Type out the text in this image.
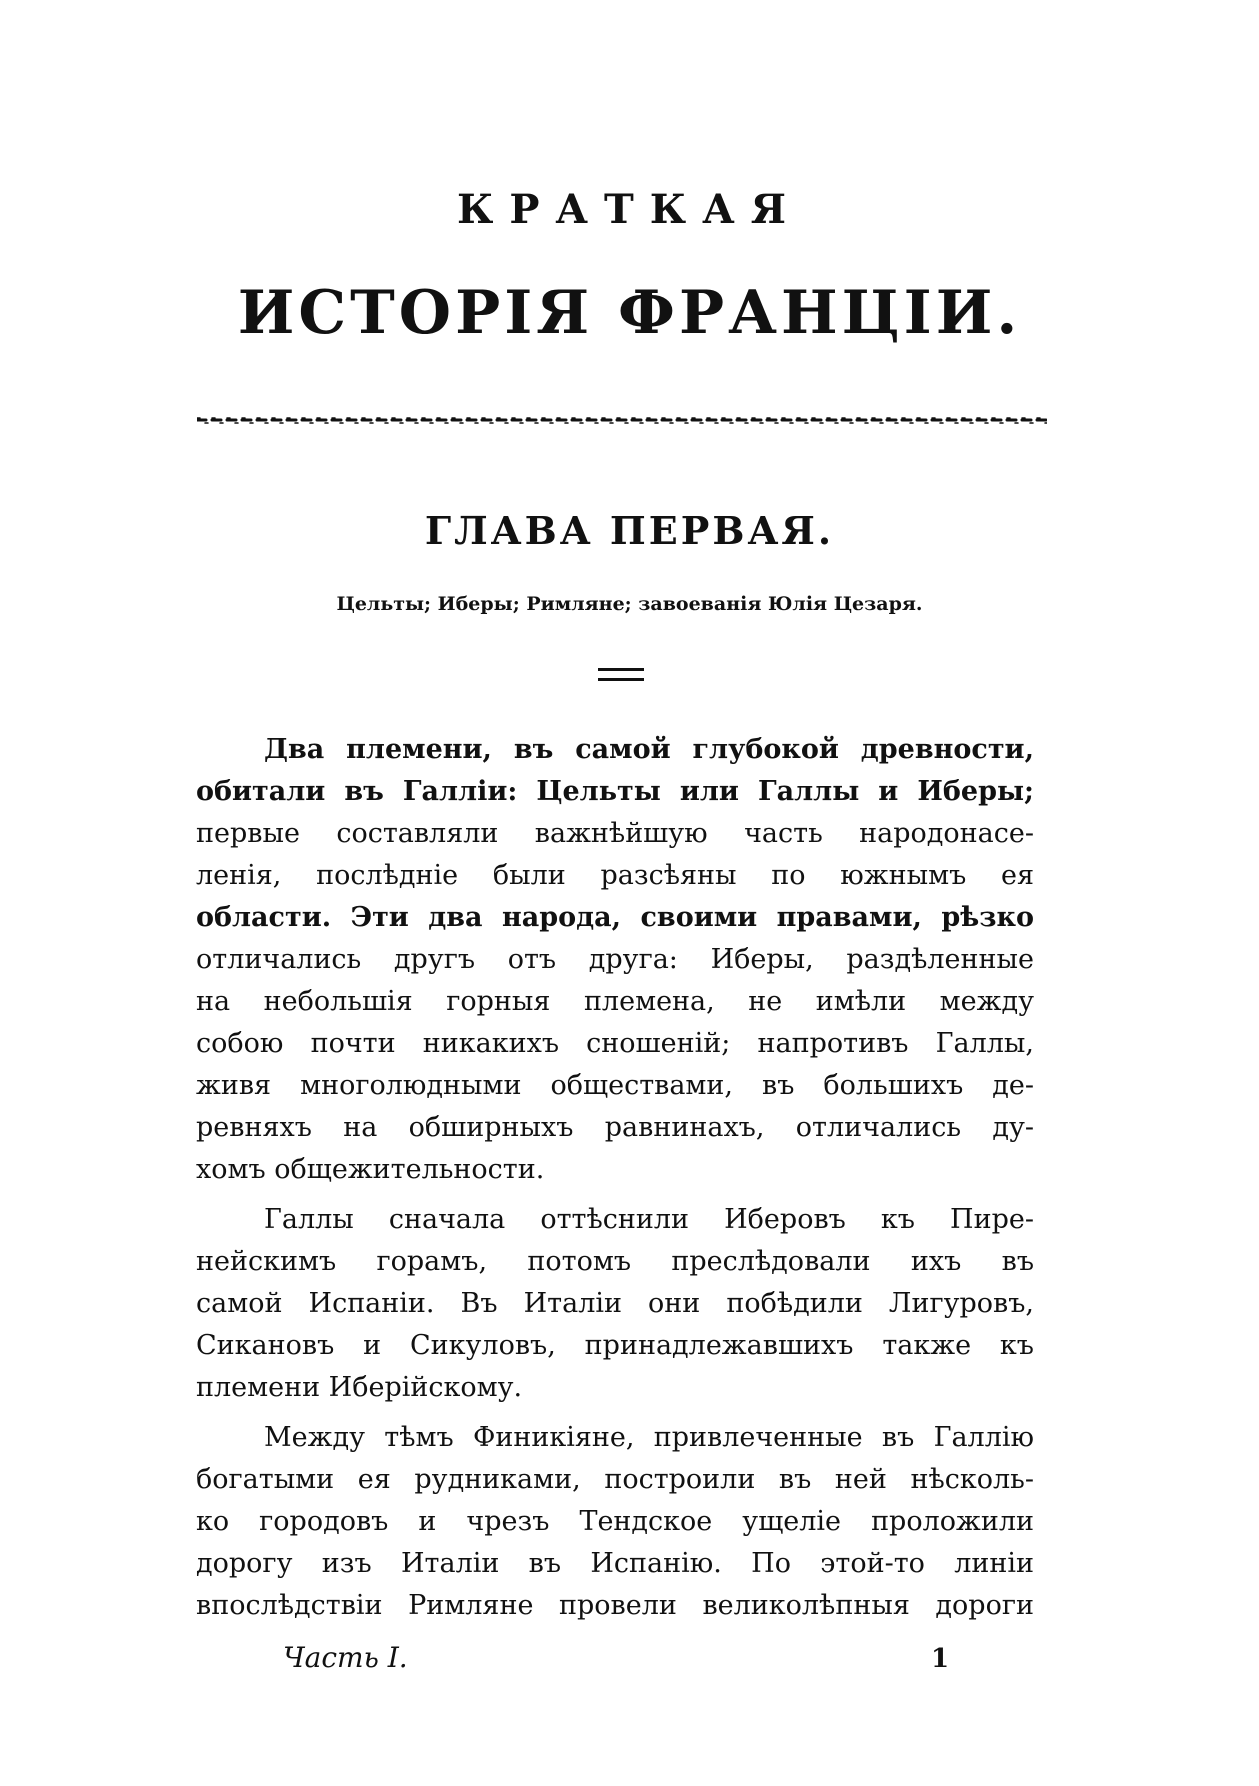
КРАТКАЯ
ИСТОРІЯ ФРАНЦІИ.
ГЛАВА ПЕРВАЯ.
Цельты; Иберы; Римляне; завоеванія Юлія Цезаря.
Два племени, въ самой глубокой древности,
обитали въ Галліи: Цельты или Галлы и Иберы;
первые составляли важнѣйшую часть народонасе-
ленія, послѣдніе были разсѣяны по южнымъ ея
области. Эти два народа, своими правами, рѣзко
отличались другъ отъ друга: Иберы, раздѣленные
на небольшія горныя племена, не имѣли между
собою почти никакихъ сношеній; напротивъ Галлы,
живя многолюдными обществами, въ большихъ де-
ревняхъ на обширныхъ равнинахъ, отличались ду-
хомъ общежительности.
Галлы сначала оттѣснили Иберовъ къ Пире-
нейскимъ горамъ, потомъ преслѣдовали ихъ въ
самой Испаніи. Въ Италіи они побѣдили Лигуровъ,
Сикановъ и Сикуловъ, принадлежавшихъ также къ
племени Иберійскому.
Между тѣмъ Финикіяне, привлеченные въ Галлію
богатыми ея рудниками, построили въ ней нѣсколь-
ко городовъ и чрезъ Тендское ущеліе проложили
дорогу изъ Италіи въ Испанію. По этой-то линіи
впослѣдствіи Римляне провели великолѣпныя дороги
Часть I.	1
